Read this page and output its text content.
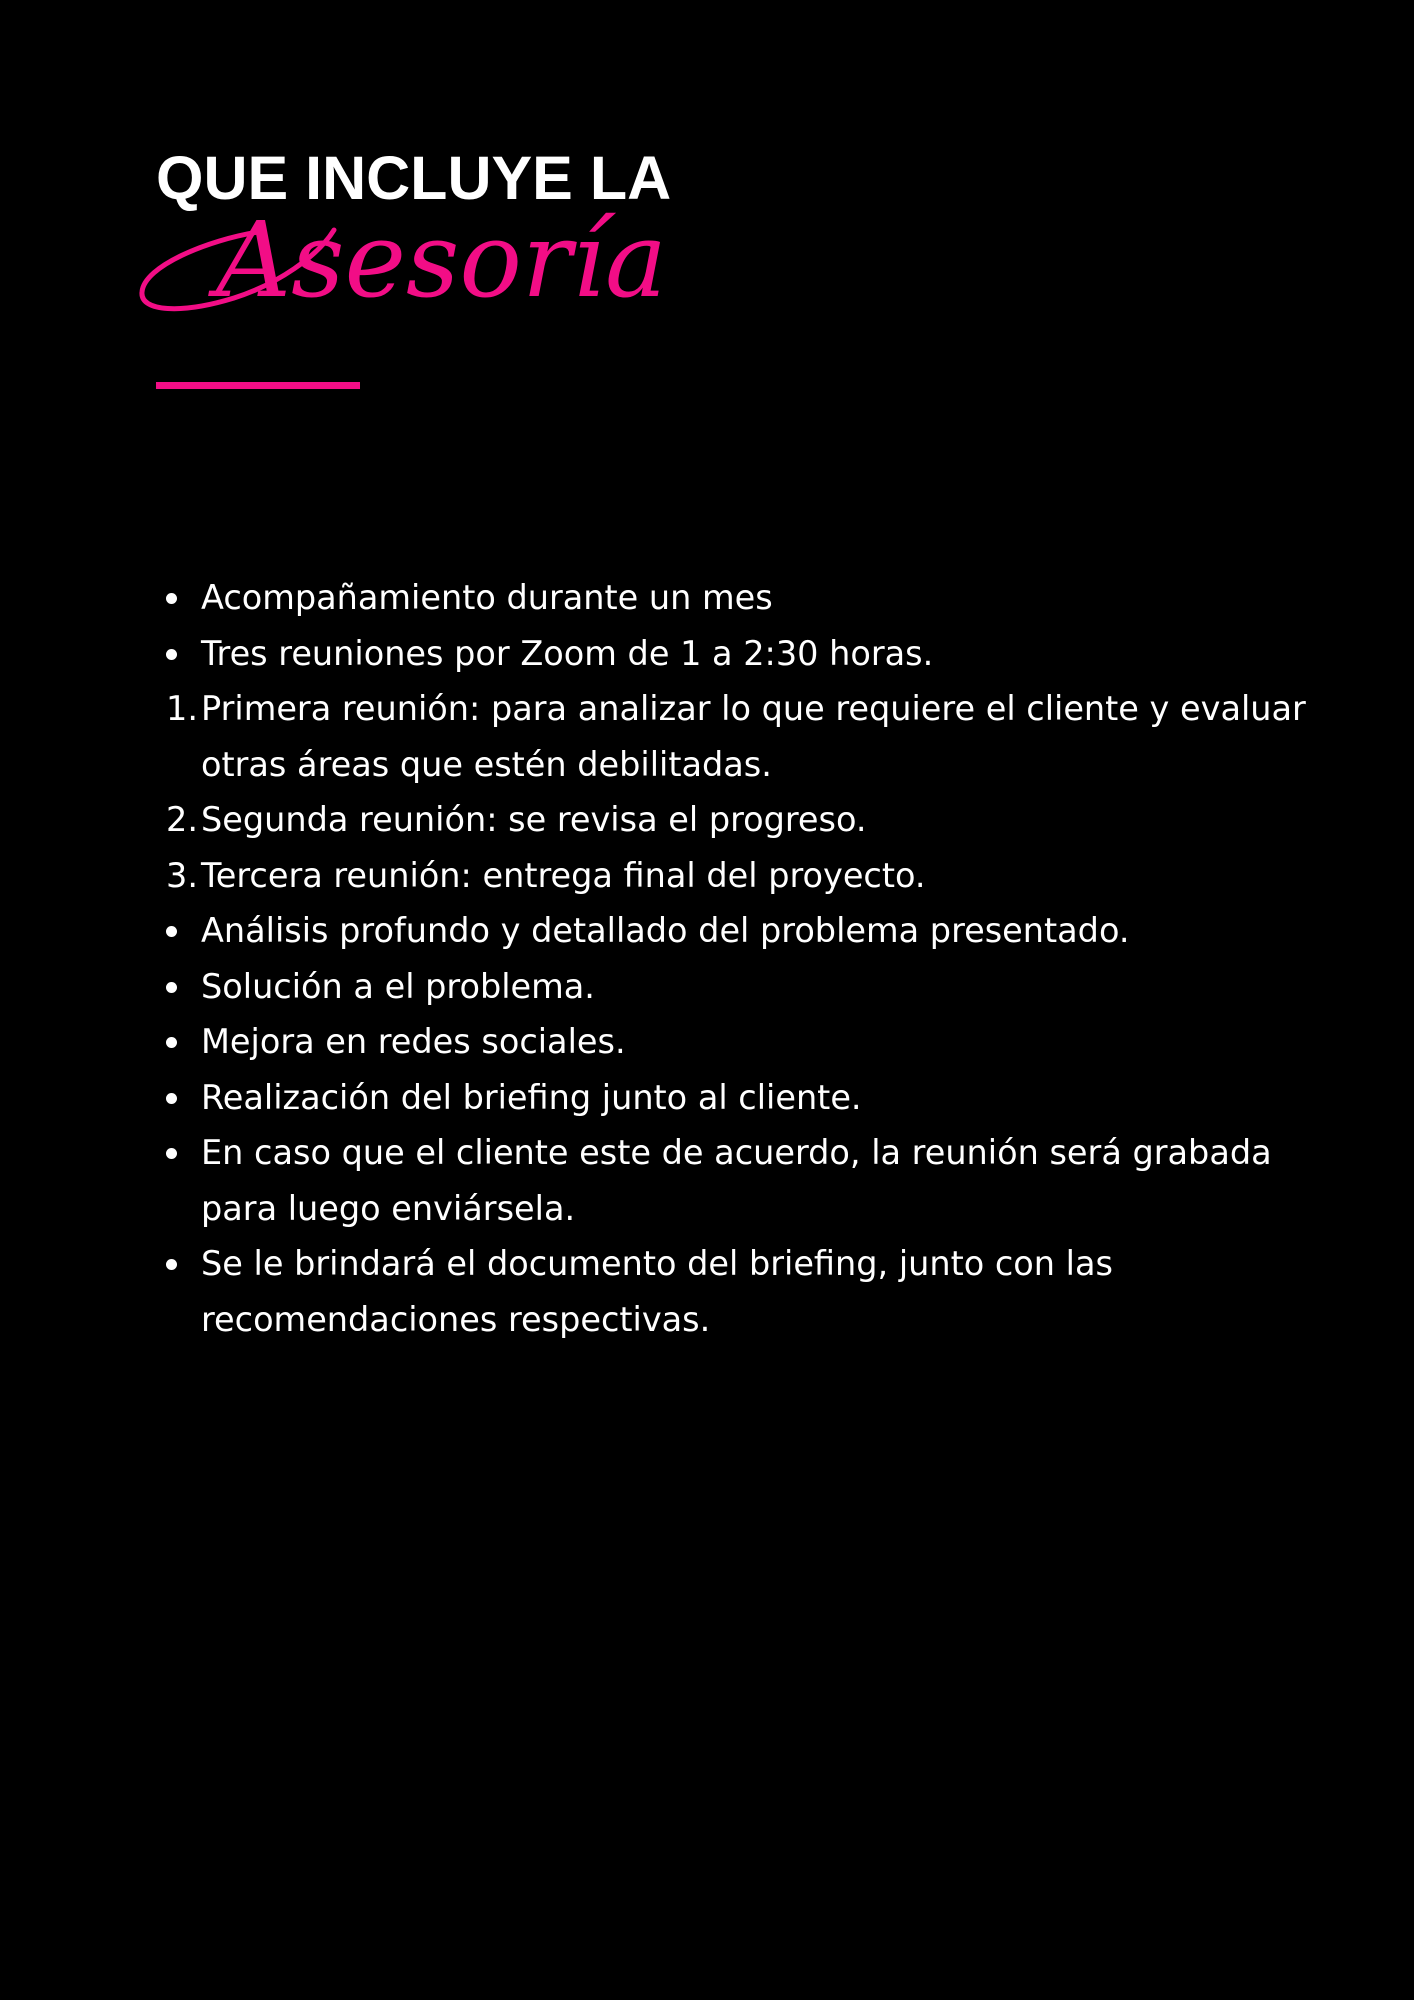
QUE INCLUYE LA
Asesoría
Acompañamiento durante un mes
Tres reuniones por Zoom de 1 a 2:30 horas.
1. Primera reunión: para analizar lo que requiere el cliente y evaluar
otras áreas que estén debilitadas.
2. Segunda reunión: se revisa el progreso.
3. Tercera reunión: entrega final del proyecto.
Análisis profundo y detallado del problema presentado.
Solución a el problema.
Mejora en redes sociales.
Realización del briefing junto al cliente.
En caso que el cliente este de acuerdo, la reunión será grabada
para luego enviársela.
Se le brindará el documento del briefing, junto con las
recomendaciones respectivas.
